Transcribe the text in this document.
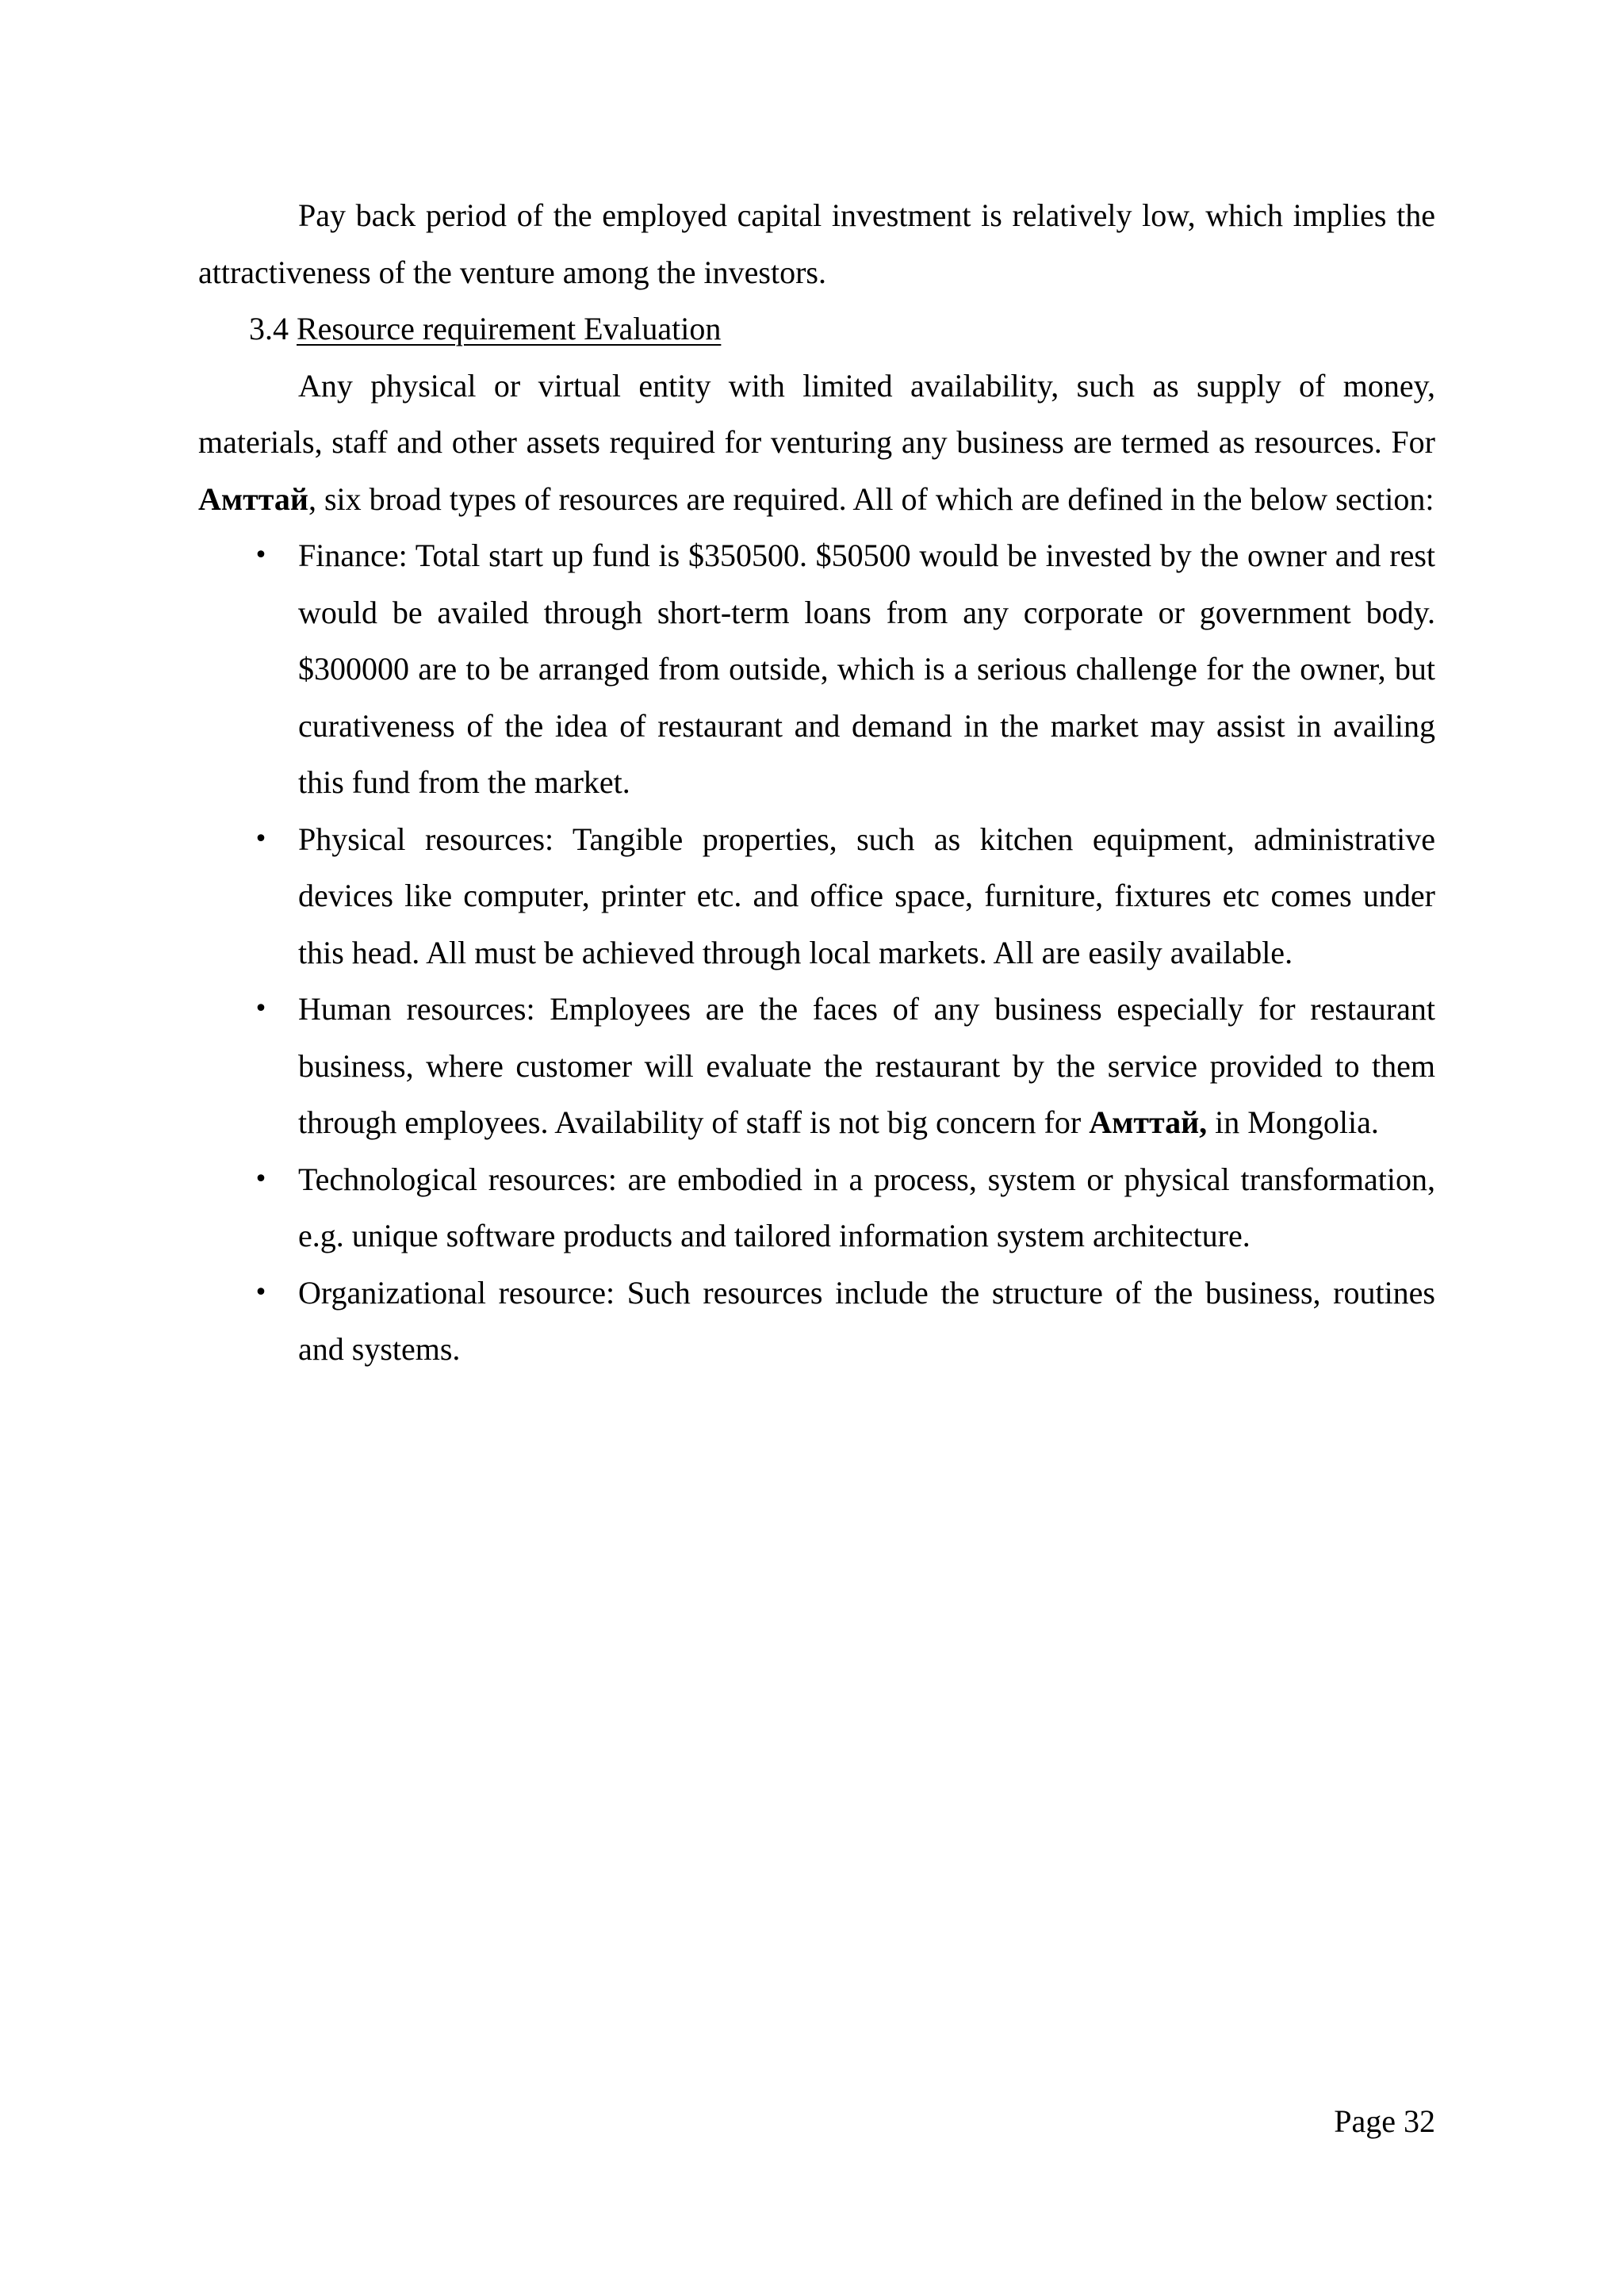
Pay back period of the employed capital investment is relatively low, which implies the attractiveness of the venture among the investors.

3.4 Resource requirement Evaluation

Any physical or virtual entity with limited availability, such as supply of money, materials, staff and other assets required for venturing any business are termed as resources. For Амттай, six broad types of resources are required. All of which are defined in the below section:

• Finance: Total start up fund is $350500. $50500 would be invested by the owner and rest would be availed through short-term loans from any corporate or government body. $300000 are to be arranged from outside, which is a serious challenge for the owner, but curativeness of the idea of restaurant and demand in the market may assist in availing this fund from the market.
• Physical resources: Tangible properties, such as kitchen equipment, administrative devices like computer, printer etc. and office space, furniture, fixtures etc comes under this head. All must be achieved through local markets. All are easily available.
• Human resources: Employees are the faces of any business especially for restaurant business, where customer will evaluate the restaurant by the service provided to them through employees. Availability of staff is not big concern for Амттай, in Mongolia.
• Technological resources: are embodied in a process, system or physical transformation, e.g. unique software products and tailored information system architecture.
• Organizational resource: Such resources include the structure of the business, routines and systems.
Page 32
